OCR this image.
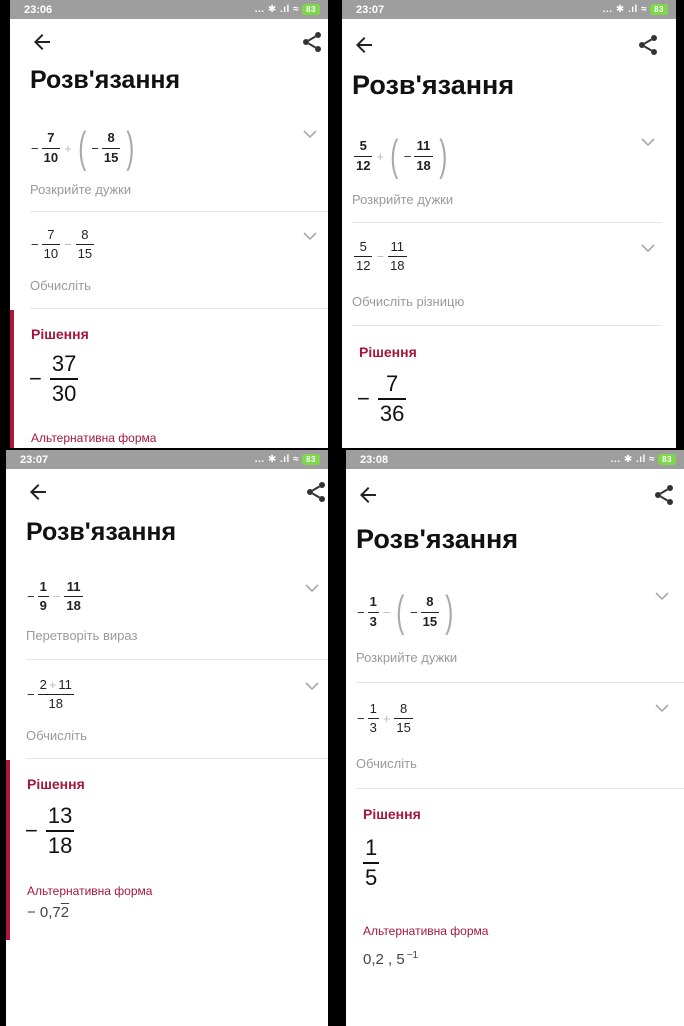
23:06	... ✱ .ıl ≈ 83
Розв'язання
− $\frac{7}{10}$ + ( − $\frac{8}{15}$ )
Розкрийте дужки
− $\frac{7}{10} - \frac{8}{15}$
Обчисліть
Рішення
− $\frac{37}{30}$
Альтернативна форма
23:07	... ✱ .ıl ≈ 83
Розв'язання
$\frac{5}{12}$ + ( − $\frac{11}{18}$ )
Розкрийте дужки
$\frac{5}{12} - \frac{11}{18}$
Обчисліть різницю
Рішення
− $\frac{7}{36}$
23:07	... ✱ .ıl ≈ 83
Розв'язання
− $\frac{1}{9} - \frac{11}{18}$
Перетворіть вираз
− $\frac{2 + 11}{18}$
Обчисліть
Рішення
− $\frac{13}{18}$
Альтернативна форма
− 0,72
23:08	... ✱ .ıl ≈ 83
Розв'язання
− $\frac{1}{3}$ − ( − $\frac{8}{15}$ )
Розкрийте дужки
− $\frac{1}{3} + \frac{8}{15}$
Обчисліть
Рішення
$\frac{1}{5}$
Альтернативна форма
0,2 , 5 $^{-1}$
